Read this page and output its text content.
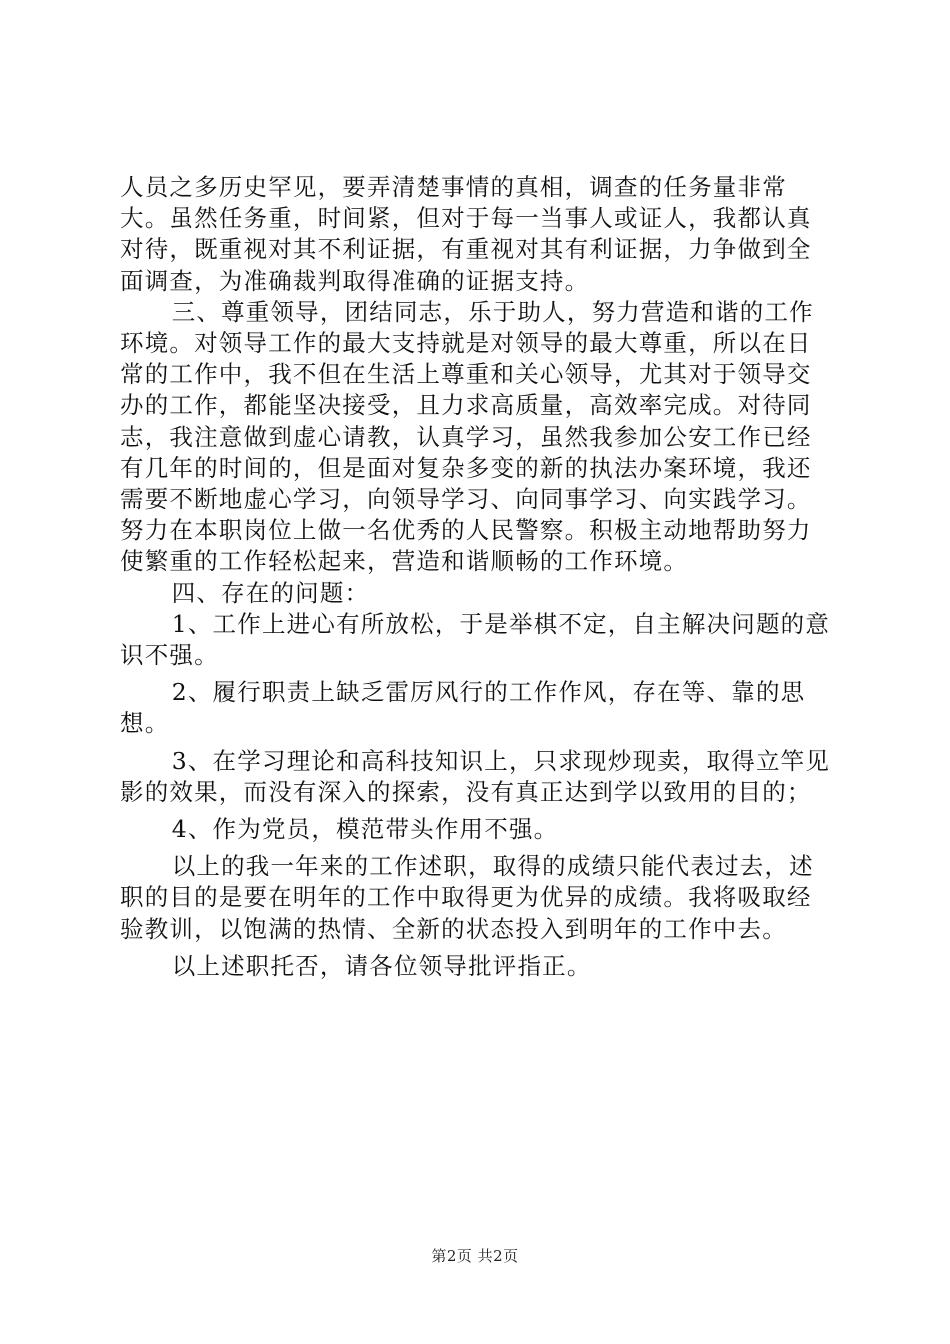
人员之多历史罕见，要弄清楚事情的真相，调查的任务量非常大。虽然任务重，时间紧，但对于每一当事人或证人，我都认真对待，既重视对其不利证据，有重视对其有利证据，力争做到全面调查，为准确裁判取得准确的证据支持。

三、尊重领导，团结同志，乐于助人，努力营造和谐的工作环境。对领导工作的最大支持就是对领导的最大尊重，所以在日常的工作中，我不但在生活上尊重和关心领导，尤其对于领导交办的工作，都能坚决接受，且力求高质量，高效率完成。对待同志，我注意做到虚心请教，认真学习，虽然我参加公安工作已经有几年的时间的，但是面对复杂多变的新的执法办案环境，我还需要不断地虚心学习，向领导学习、向同事学习、向实践学习。努力在本职岗位上做一名优秀的人民警察。积极主动地帮助努力使繁重的工作轻松起来，营造和谐顺畅的工作环境。

四、存在的问题：

1、工作上进心有所放松，于是举棋不定，自主解决问题的意识不强。

2、履行职责上缺乏雷厉风行的工作作风，存在等、靠的思想。

3、在学习理论和高科技知识上，只求现炒现卖，取得立竿见影的效果，而没有深入的探索，没有真正达到学以致用的目的；

4、作为党员，模范带头作用不强。

以上的我一年来的工作述职，取得的成绩只能代表过去，述职的目的是要在明年的工作中取得更为优异的成绩。我将吸取经验教训，以饱满的热情、全新的状态投入到明年的工作中去。

以上述职托否，请各位领导批评指正。

第2页 共2页
